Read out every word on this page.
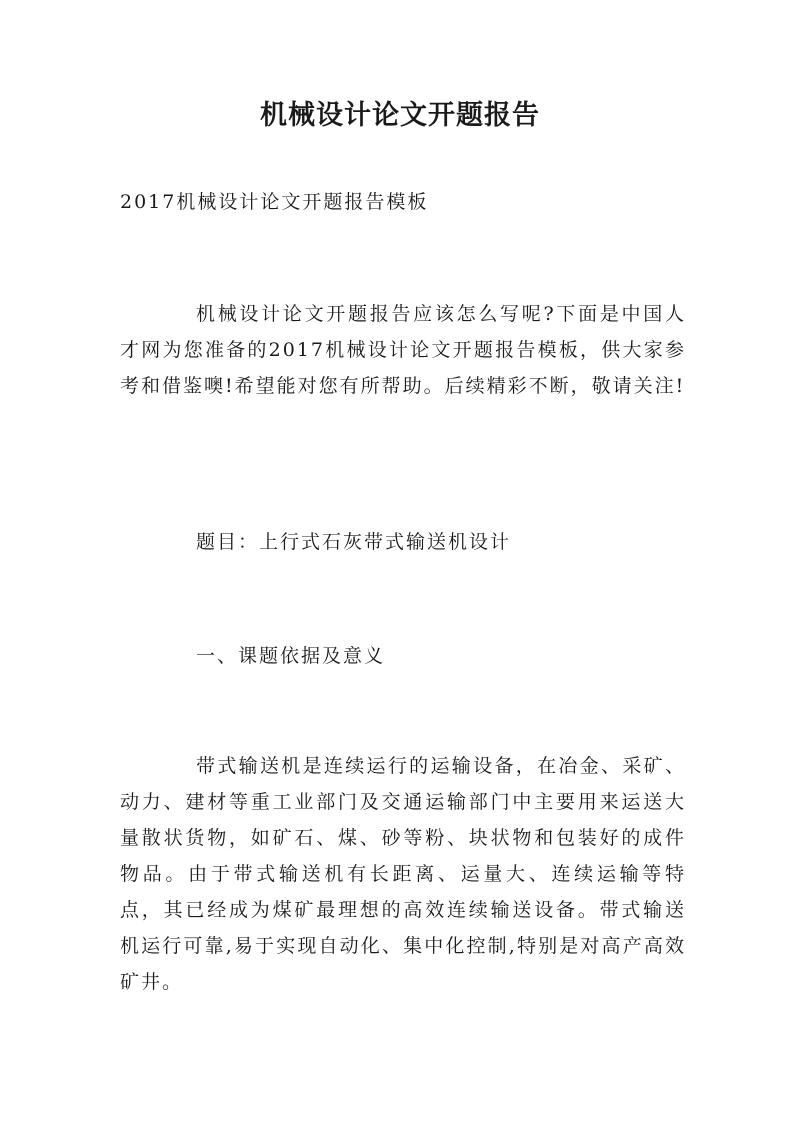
机械设计论文开题报告

2017机械设计论文开题报告模板

机械设计论文开题报告应该怎么写呢?下面是中国人才网为您准备的2017机械设计论文开题报告模板，供大家参考和借鉴噢!希望能对您有所帮助。后续精彩不断，敬请关注!

题目：上行式石灰带式输送机设计

一、课题依据及意义

带式输送机是连续运行的运输设备，在冶金、采矿、动力、建材等重工业部门及交通运输部门中主要用来运送大量散状货物，如矿石、煤、砂等粉、块状物和包装好的成件物品。由于带式输送机有长距离、运量大、连续运输等特点，其已经成为煤矿最理想的高效连续输送设备。带式输送机运行可靠,易于实现自动化、集中化控制,特别是对高产高效矿井。
